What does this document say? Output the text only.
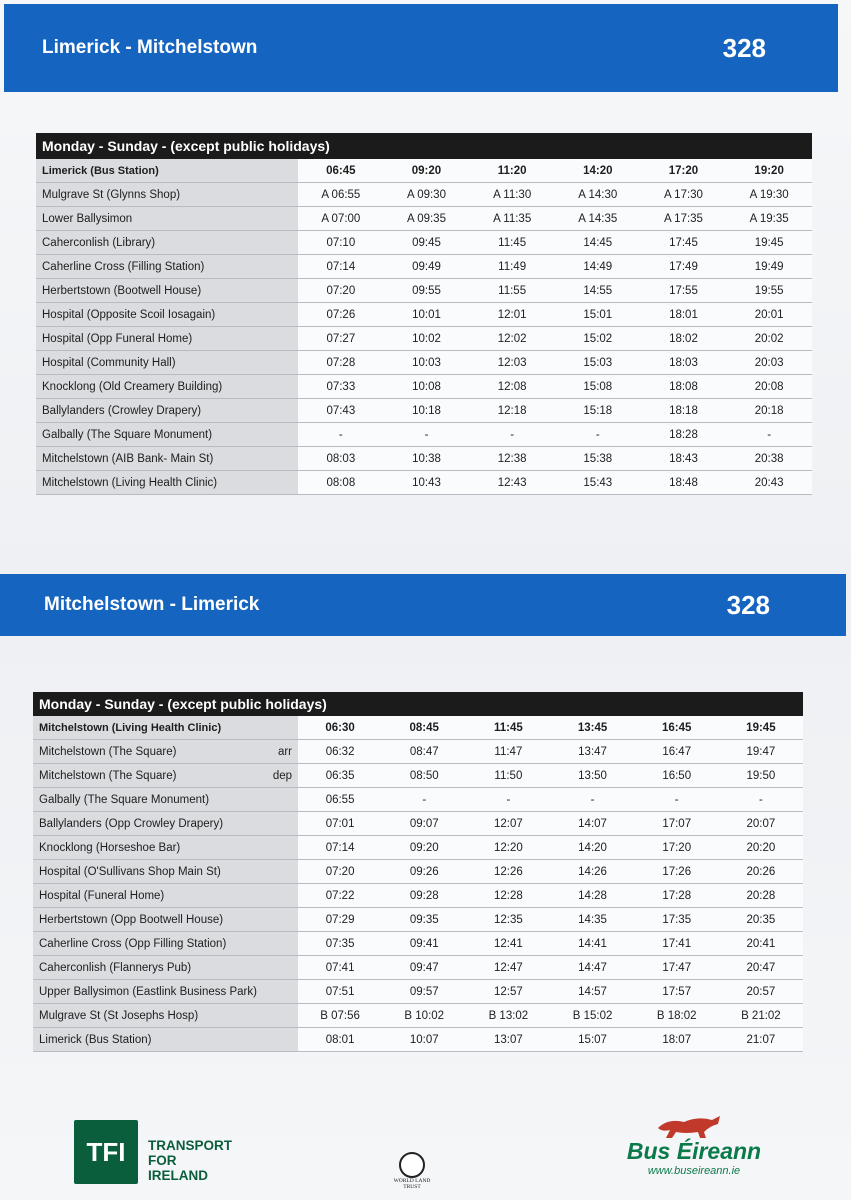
Limerick - Mitchelstown	328
Monday - Sunday - (except public holidays)						
Limerick (Bus Station)	06:45	09:20	11:20	14:20	17:20	19:20
Mulgrave St (Glynns Shop)	A 06:55	A 09:30	A 11:30	A 14:30	A 17:30	A 19:30
Lower Ballysimon	A 07:00	A 09:35	A 11:35	A 14:35	A 17:35	A 19:35
Caherconlish (Library)	07:10	09:45	11:45	14:45	17:45	19:45
Caherline Cross (Filling Station)	07:14	09:49	11:49	14:49	17:49	19:49
Herbertstown (Bootwell House)	07:20	09:55	11:55	14:55	17:55	19:55
Hospital (Opposite Scoil Iosagain)	07:26	10:01	12:01	15:01	18:01	20:01
Hospital (Opp Funeral Home)	07:27	10:02	12:02	15:02	18:02	20:02
Hospital (Community Hall)	07:28	10:03	12:03	15:03	18:03	20:03
Knocklong (Old Creamery Building)	07:33	10:08	12:08	15:08	18:08	20:08
Ballylanders (Crowley Drapery)	07:43	10:18	12:18	15:18	18:18	20:18
Galbally (The Square Monument)	-	-	-	-	18:28	-
Mitchelstown (AIB Bank- Main St)	08:03	10:38	12:38	15:38	18:43	20:38
Mitchelstown (Living Health Clinic)	08:08	10:43	12:43	15:43	18:48	20:43
Mitchelstown - Limerick	328
Monday - Sunday - (except public holidays)						
Mitchelstown (Living Health Clinic)	06:30	08:45	11:45	13:45	16:45	19:45
Mitchelstown (The Square) arr	06:32	08:47	11:47	13:47	16:47	19:47
Mitchelstown (The Square) dep	06:35	08:50	11:50	13:50	16:50	19:50
Galbally (The Square Monument)	06:55	-	-	-	-	-
Ballylanders (Opp Crowley Drapery)	07:01	09:07	12:07	14:07	17:07	20:07
Knocklong (Horseshoe Bar)	07:14	09:20	12:20	14:20	17:20	20:20
Hospital (O'Sullivans Shop Main St)	07:20	09:26	12:26	14:26	17:26	20:26
Hospital (Funeral Home)	07:22	09:28	12:28	14:28	17:28	20:28
Herbertstown (Opp Bootwell House)	07:29	09:35	12:35	14:35	17:35	20:35
Caherline Cross (Opp Filling Station)	07:35	09:41	12:41	14:41	17:41	20:41
Caherconlish (Flannerys Pub)	07:41	09:47	12:47	14:47	17:47	20:47
Upper Ballysimon (Eastlink Business Park)	07:51	09:57	12:57	14:57	17:57	20:57
Mulgrave St (St Josephs Hosp)	B 07:56	B 10:02	B 13:02	B 15:02	B 18:02	B 21:02
Limerick (Bus Station)	08:01	10:07	13:07	15:07	18:07	21:07
TFI	TRANSPORT
FOR
IRELAND	WORLD LAND TRUST
Bus Éireann
www.buseireann.ie
